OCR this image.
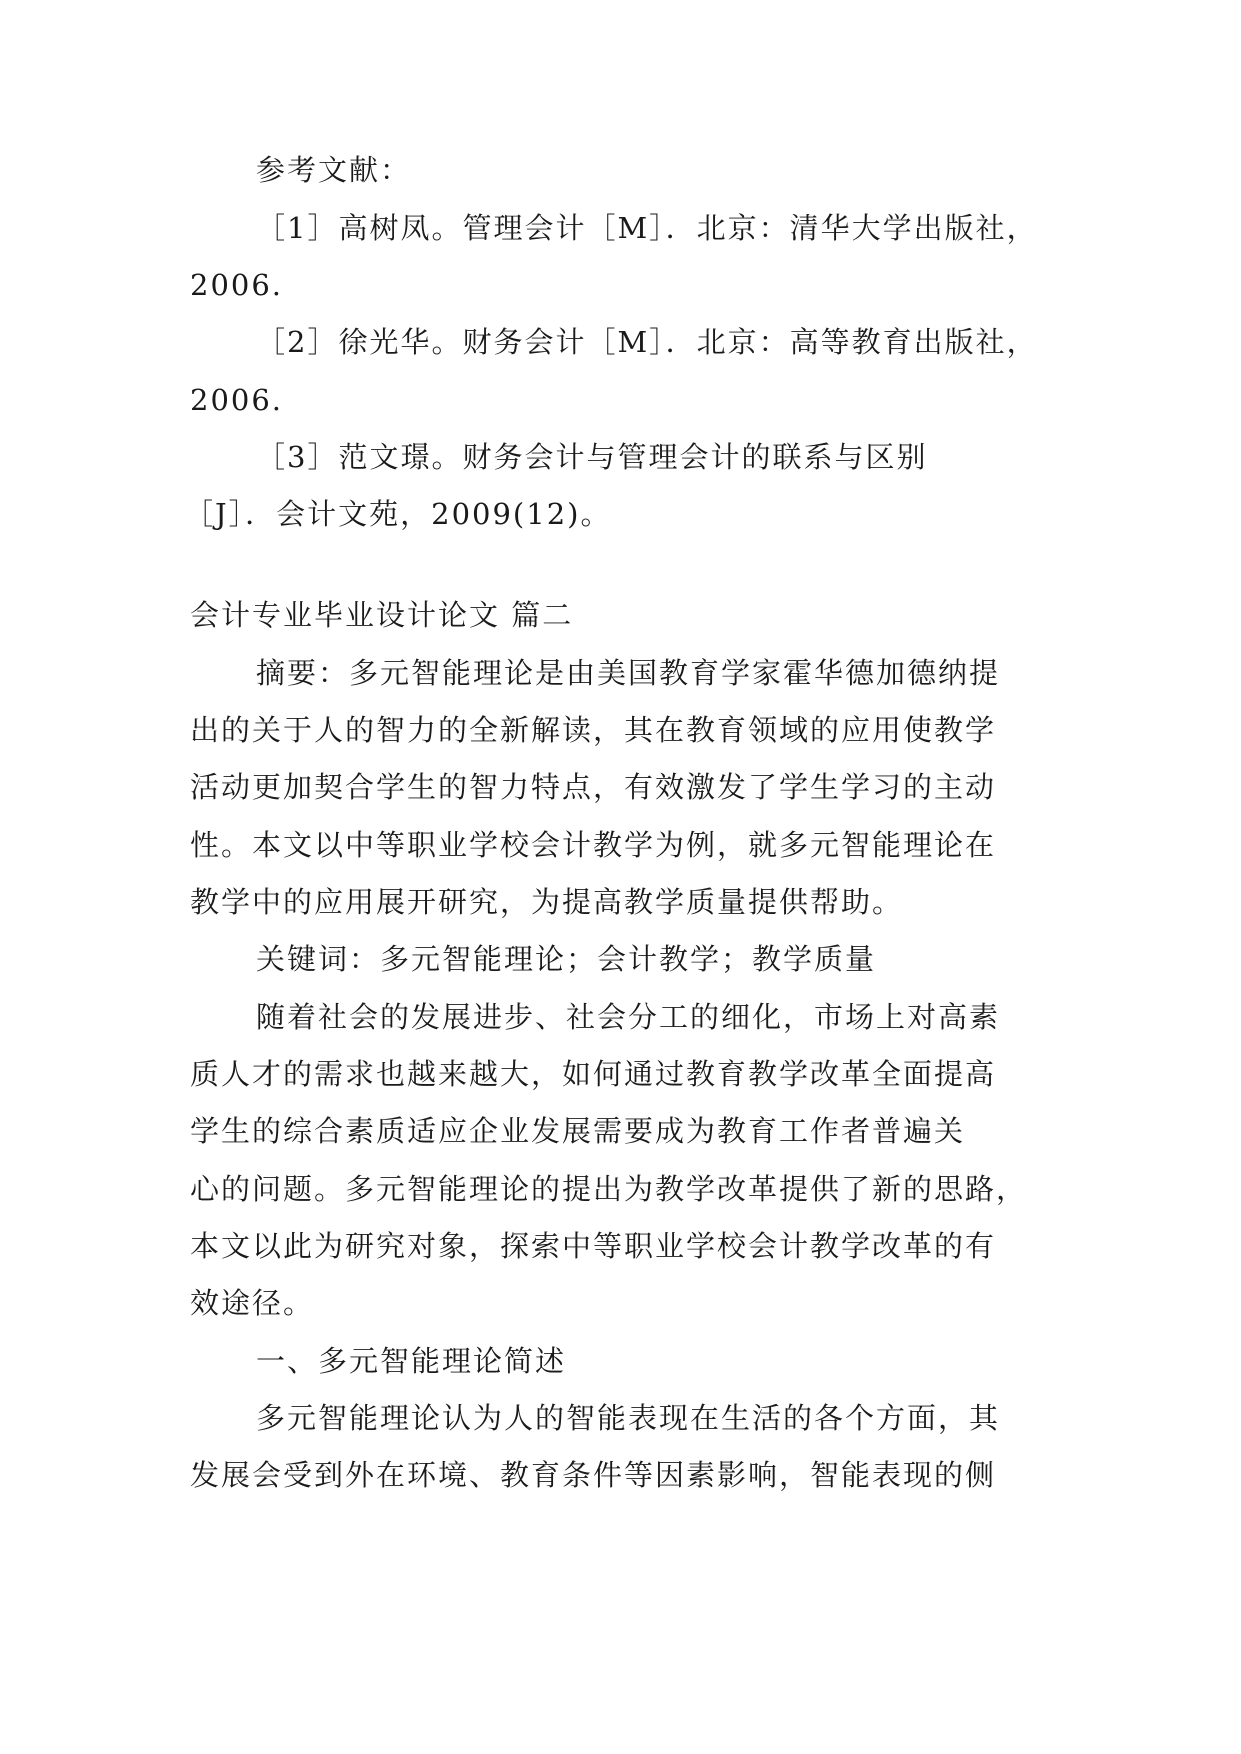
参考文献：
［1］高树凤。管理会计［M］．北京：清华大学出版社，
2006.
［2］徐光华。财务会计［M］．北京：高等教育出版社，
2006.
［3］范文璟。财务会计与管理会计的联系与区别
［J］．会计文苑，2009(12)。
会计专业毕业设计论文 篇二
摘要：多元智能理论是由美国教育学家霍华德加德纳提
出的关于人的智力的全新解读，其在教育领域的应用使教学
活动更加契合学生的智力特点，有效激发了学生学习的主动
性。本文以中等职业学校会计教学为例，就多元智能理论在
教学中的应用展开研究，为提高教学质量提供帮助。
关键词：多元智能理论；会计教学；教学质量
随着社会的发展进步、社会分工的细化，市场上对高素
质人才的需求也越来越大，如何通过教育教学改革全面提高
学生的综合素质适应企业发展需要成为教育工作者普遍关
心的问题。多元智能理论的提出为教学改革提供了新的思路，
本文以此为研究对象，探索中等职业学校会计教学改革的有
效途径。
一、多元智能理论简述
多元智能理论认为人的智能表现在生活的各个方面，其
发展会受到外在环境、教育条件等因素影响，智能表现的侧
